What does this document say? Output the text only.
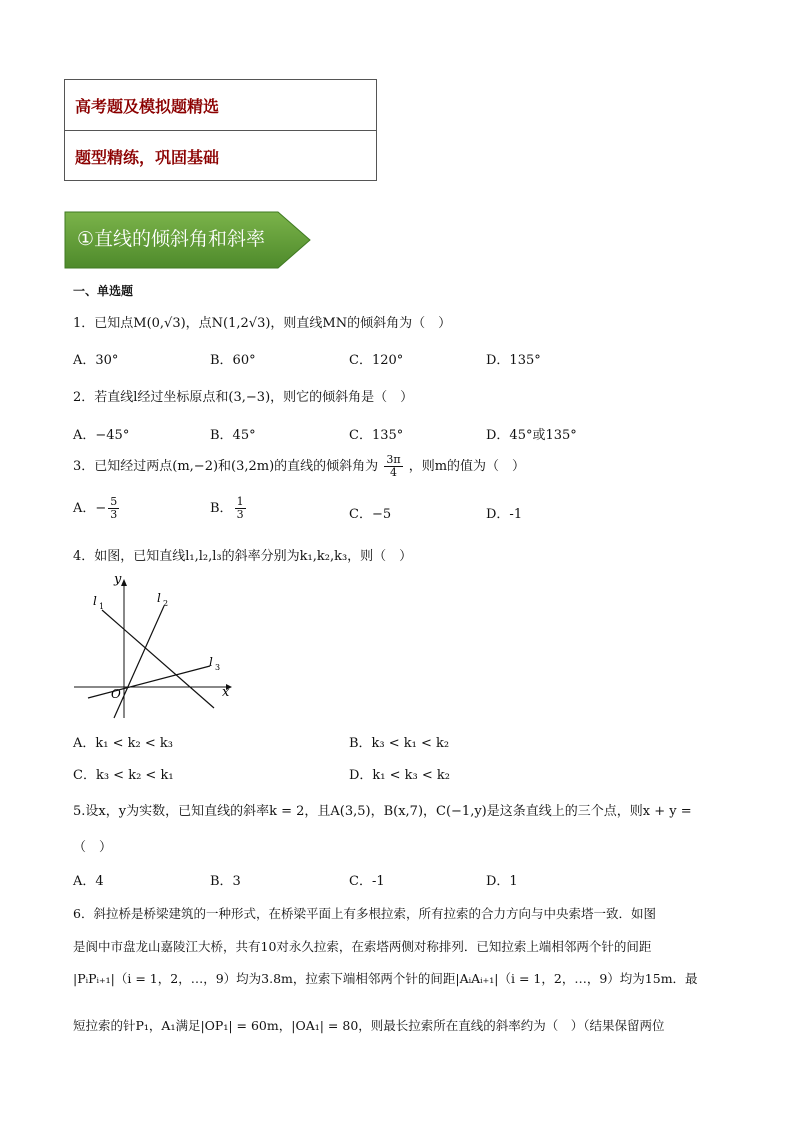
高考题及模拟题精选
题型精练，巩固基础
①直线的倾斜角和斜率
一、单选题
1．已知点M(0,√3)，点N(1,2√3)，则直线MN的倾斜角为（　）
A．30°	B．60°	C．120°	D．135°
2．若直线l经过坐标原点和(3,−3)，则它的倾斜角是（　）
A．−45°	B．45°	C．135°	D．45°或135°
3．已知经过两点(m,−2)和(3,2m)的直线的倾斜角为 $\frac{3\pi}{4}$ ，则m的值为（　）
A．− $\frac{5}{3}$	B． $\frac{1}{3}$	C．−5	D．-1
4．如图，已知直线l₁,l₂,l₃的斜率分别为k₁,k₂,k₃，则（　）
y
x
O
l 1
l 2
l 3
A．k₁ < k₂ < k₃	B．k₃ < k₁ < k₂
C．k₃ < k₂ < k₁	D．k₁ < k₃ < k₂
5.设x，y为实数，已知直线的斜率k = 2，且A(3,5)，B(x,7)，C(−1,y)是这条直线上的三个点，则x + y =
（　）
A．4	B．3	C．-1	D．1
6．斜拉桥是桥梁建筑的一种形式，在桥梁平面上有多根拉索，所有拉索的合力方向与中央索塔一致．如图
是阆中市盘龙山嘉陵江大桥，共有10对永久拉索，在索塔两侧对称排列．已知拉索上端相邻两个针的间距
|PᵢPᵢ₊₁|（i = 1，2，…，9）均为3.8m，拉索下端相邻两个针的间距|AᵢAᵢ₊₁|（i = 1，2，…，9）均为15m．最
短拉索的针P₁，A₁满足|OP₁| = 60m，|OA₁| = 80，则最长拉索所在直线的斜率约为（　）（结果保留两位
